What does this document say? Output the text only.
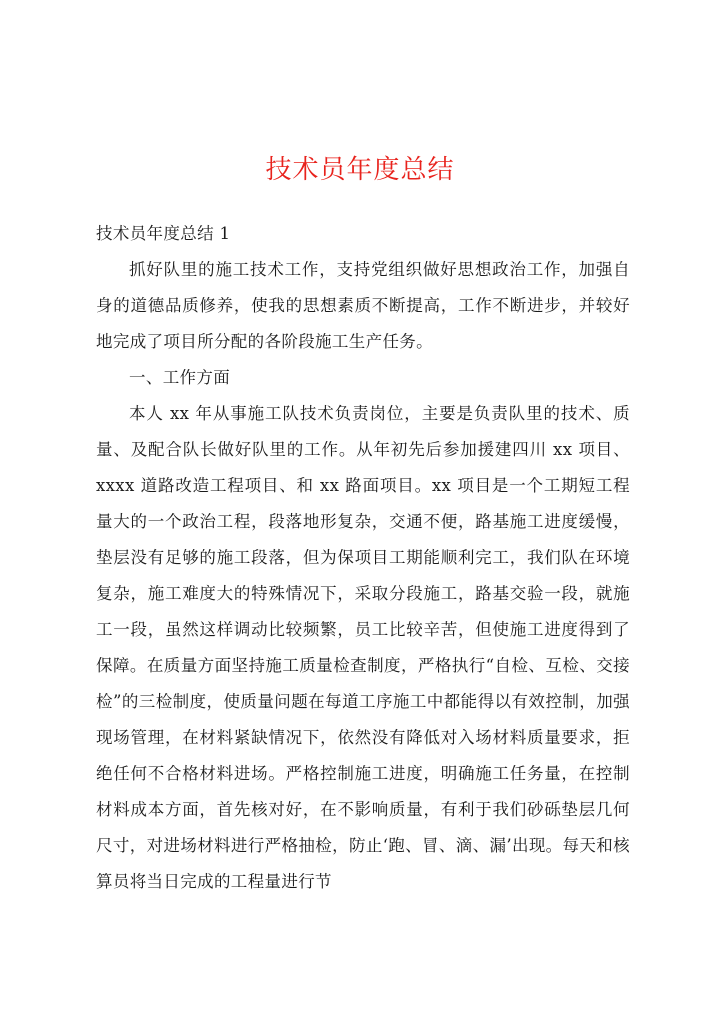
技术员年度总结

技术员年度总结 1

抓好队里的施工技术工作，支持党组织做好思想政治工作，加强自身的道德品质修养，使我的思想素质不断提高，工作不断进步，并较好地完成了项目所分配的各阶段施工生产任务。

一、工作方面

本人 xx 年从事施工队技术负责岗位，主要是负责队里的技术、质量、及配合队长做好队里的工作。从年初先后参加援建四川 xx 项目、xxxx 道路改造工程项目、和 xx 路面项目。xx 项目是一个工期短工程量大的一个政治工程，段落地形复杂，交通不便，路基施工进度缓慢，垫层没有足够的施工段落，但为保项目工期能顺利完工，我们队在环境复杂，施工难度大的特殊情况下，采取分段施工，路基交验一段，就施工一段，虽然这样调动比较频繁，员工比较辛苦，但使施工进度得到了保障。在质量方面坚持施工质量检查制度，严格执行“自检、互检、交接检”的三检制度，使质量问题在每道工序施工中都能得以有效控制，加强现场管理，在材料紧缺情况下，依然没有降低对入场材料质量要求，拒绝任何不合格材料进场。严格控制施工进度，明确施工任务量，在控制材料成本方面，首先核对好，在不影响质量，有利于我们砂砾垫层几何尺寸，对进场材料进行严格抽检，防止‘跑、冒、滴、漏’出现。每天和核算员将当日完成的工程量进行节
